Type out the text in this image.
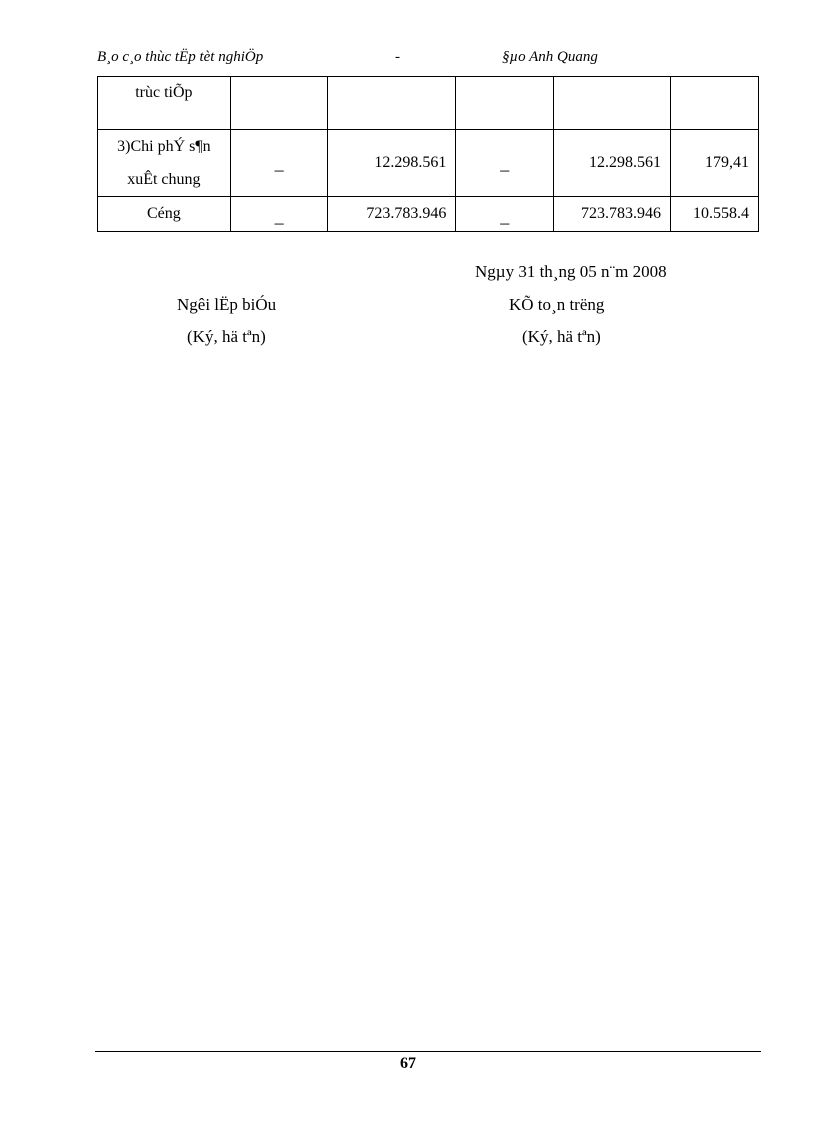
B¸o c¸o thùc tËp tèt nghiÖp	-	§µo Anh Quang
trùc tiÕp					

3)Chi phÝ s¶n
xuÊt chung	_	12.298.561	_	12.298.561	179,41

Céng	_	723.783.946	_	723.783.946	10.558.4
Ngµy 31 th¸ng 05 n¨m 2008
Ngêi lËp biÓu
(Ký, hä tªn)
KÕ to¸n trëng
(Ký, hä tªn)
67
